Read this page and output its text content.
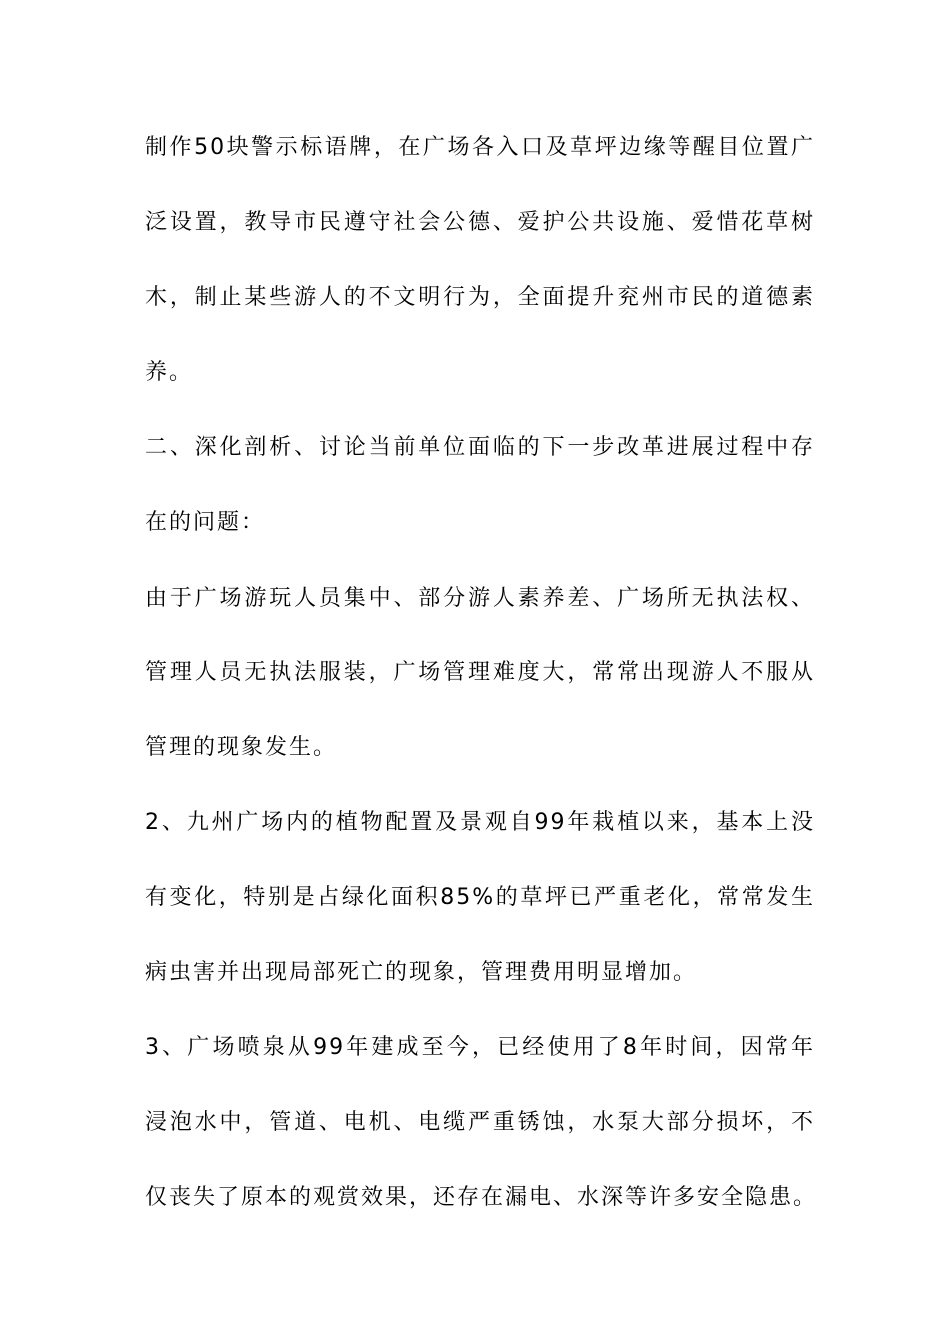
制作50块警示标语牌，在广场各入口及草坪边缘等醒目位置广

泛设置，教导市民遵守社会公德、爱护公共设施、爱惜花草树

木，制止某些游人的不文明行为，全面提升兖州市民的道德素

养。

二、深化剖析、讨论当前单位面临的下一步改革进展过程中存

在的问题：

由于广场游玩人员集中、部分游人素养差、广场所无执法权、

管理人员无执法服装，广场管理难度大，常常出现游人不服从

管理的现象发生。

2、九州广场内的植物配置及景观自99年栽植以来，基本上没

有变化，特别是占绿化面积85%的草坪已严重老化，常常发生

病虫害并出现局部死亡的现象，管理费用明显增加。

3、广场喷泉从99年建成至今，已经使用了8年时间，因常年

浸泡水中，管道、电机、电缆严重锈蚀，水泵大部分损坏，不

仅丧失了原本的观赏效果，还存在漏电、水深等许多安全隐患。
